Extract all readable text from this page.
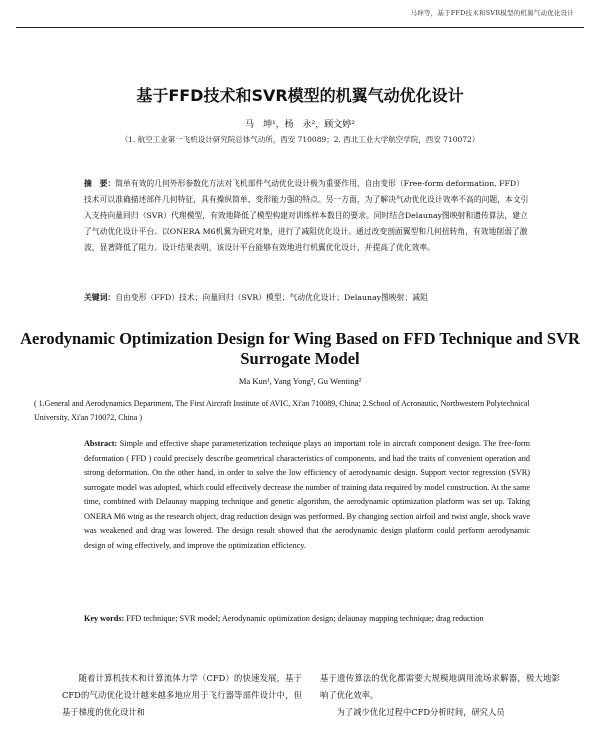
马坤等，基于FFD技术和SVR模型的机翼气动优化设计
基于FFD技术和SVR模型的机翼气动优化设计
马　坤¹，杨　永²，顾文婷²
（1. 航空工业第一飞机设计研究院总体气动所，西安 710089；2. 西北工业大学航空学院，西安 710072）
摘　要：简单有效的几何外形参数化方法对飞机部件气动优化设计极为重要作用，自由变形（Free-form deformation, FFD）技术可以准确描述部件几何特征，具有操纵简单、变形能力强的特点。另一方面，为了解决气动优化设计效率不高的问题，本文引入支持向量回归（SVR）代理模型，有效地降低了模型构建对训练样本数目的要求。同时结合Delaunay图映射和遗传算法，建立了气动优化设计平台。以ONERA M6机翼为研究对象，进行了减阻优化设计。通过改变剖面翼型和几何扭转角，有效地削弱了激波，显著降低了阻力。设计结果表明，该设计平台能够有效地进行机翼优化设计，并提高了优化效率。
关键词：自由变形（FFD）技术；向量回归（SVR）模型；气动优化设计；Delaunay图映射；减阻
Aerodynamic Optimization Design for Wing Based on FFD Technique and SVR Surrogate Model
Ma Kun¹, Yang Yong², Gu Wenting²
( 1.General and Aerodynamics Department, The First Aircraft Institute of AVIC, Xi'an 710089, China; 2.School of Acronautic, Northwestern Polytechnical University, Xi'an 710072, China )
Abstract: Simple and effective shape parameterization technique plays an important role in aircraft component design. The free-form deformation ( FFD ) could precisely describe geometrical characteristics of components, and had the traits of convenient operation and strong deformation. On the other hand, in order to solve the low efficiency of aerodynamic design. Support vector regression (SVR) surrogate model was adopted, which could effectively decrease the number of training data required by model construction. At the same time, combined with Delaunay mapping technique and genetic algorithm, the aerodynamic optimization platform was set up. Taking ONERA M6 wing as the research object, drag reduction design was performed. By changing section airfoil and twist angle, shock wave was weakened and drag was lowered. The design result showed that the aerodynamic design platform could perform aerodynamic design of wing effectively, and improve the optimization efficiency.
Key words: FFD technique; SVR model; Aerodynamic optimization design; delaunay mapping technique; drag reduction

随着计算机技术和计算流体力学（CFD）的快速发展，基于CFD的气动优化设计越来越多地应用于飞行器等部件设计中，但基于梯度的优化设计和

基于遗传算法的优化都需要大规模地调用流场求解器，极大地影响了优化效率。

为了减少优化过程中CFD分析时间，研究人员
